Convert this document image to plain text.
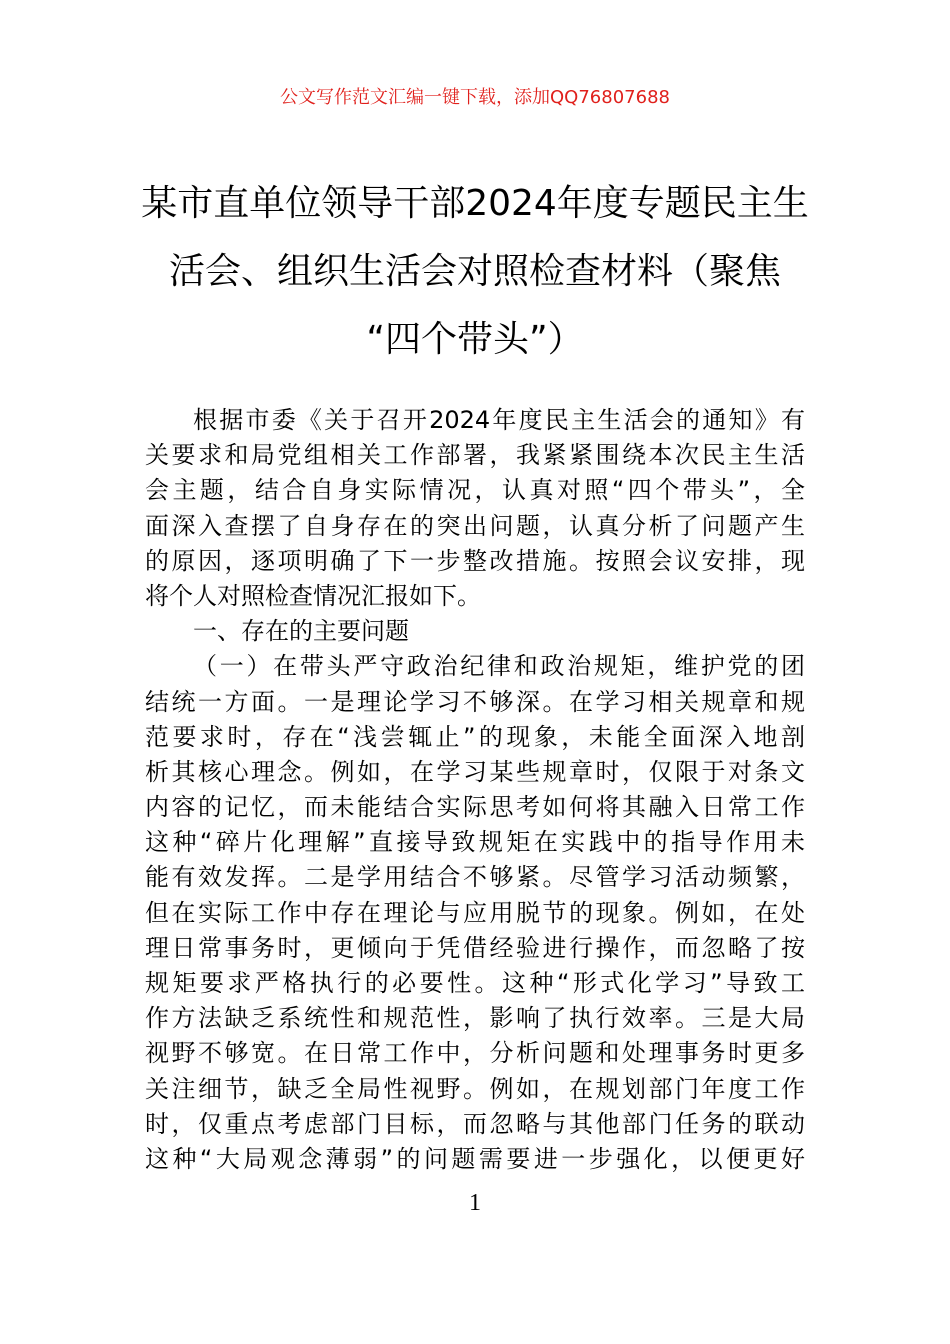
公文写作范文汇编一键下载，添加QQ76807688
某市直单位领导干部2024年度专题民主生
活会、组织生活会对照检查材料（聚焦
“四个带头”）
根据市委《关于召开2024年度民主生活会的通知》有
关要求和局党组相关工作部署，我紧紧围绕本次民主生活
会主题，结合自身实际情况，认真对照“四个带头”，全
面深入查摆了自身存在的突出问题，认真分析了问题产生
的原因，逐项明确了下一步整改措施。按照会议安排，现
将个人对照检查情况汇报如下。
一、存在的主要问题
（一）在带头严守政治纪律和政治规矩，维护党的团
结统一方面。一是理论学习不够深。在学习相关规章和规
范要求时，存在“浅尝辄止”的现象，未能全面深入地剖
析其核心理念。例如，在学习某些规章时，仅限于对条文
内容的记忆，而未能结合实际思考如何将其融入日常工作
这种“碎片化理解”直接导致规矩在实践中的指导作用未
能有效发挥。二是学用结合不够紧。尽管学习活动频繁，
但在实际工作中存在理论与应用脱节的现象。例如，在处
理日常事务时，更倾向于凭借经验进行操作，而忽略了按
规矩要求严格执行的必要性。这种“形式化学习”导致工
作方法缺乏系统性和规范性，影响了执行效率。三是大局
视野不够宽。在日常工作中，分析问题和处理事务时更多
关注细节，缺乏全局性视野。例如，在规划部门年度工作
时，仅重点考虑部门目标，而忽略与其他部门任务的联动
这种“大局观念薄弱”的问题需要进一步强化，以便更好
1
